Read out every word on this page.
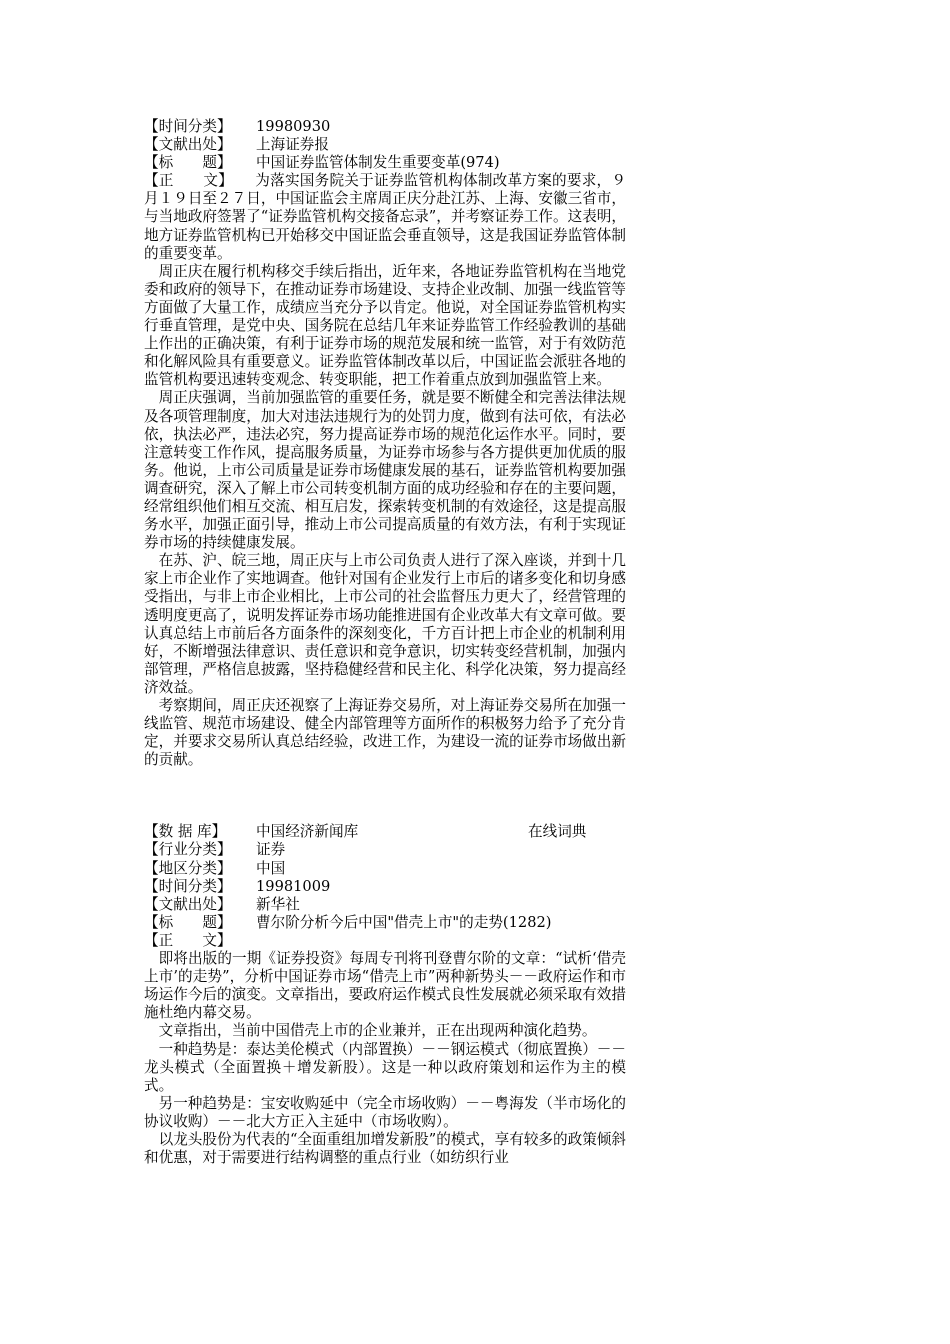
【时间分类】 19980930
【文献出处】 上海证券报
【标　　题】 中国证券监管体制发生重要变革(974)

【正　　文】 为落实国务院关于证券监管机构体制改革方案的要求，９月１９日至２７日，中国证监会主席周正庆分赴江苏、上海、安徽三省市，与当地政府签署了“证券监管机构交接备忘录”，并考察证券工作。这表明，地方证券监管机构已开始移交中国证监会垂直领导，这是我国证券监管体制的重要变革。

周正庆在履行机构移交手续后指出，近年来，各地证券监管机构在当地党委和政府的领导下，在推动证券市场建设、支持企业改制、加强一线监管等方面做了大量工作，成绩应当充分予以肯定。他说，对全国证券监管机构实行垂直管理，是党中央、国务院在总结几年来证券监管工作经验教训的基础上作出的正确决策，有利于证券市场的规范发展和统一监管，对于有效防范和化解风险具有重要意义。证券监管体制改革以后，中国证监会派驻各地的监管机构要迅速转变观念、转变职能，把工作着重点放到加强监管上来。

周正庆强调，当前加强监管的重要任务，就是要不断健全和完善法律法规及各项管理制度，加大对违法违规行为的处罚力度，做到有法可依，有法必依，执法必严，违法必究，努力提高证券市场的规范化运作水平。同时，要注意转变工作作风，提高服务质量，为证券市场参与各方提供更加优质的服务。他说，上市公司质量是证券市场健康发展的基石，证券监管机构要加强调查研究，深入了解上市公司转变机制方面的成功经验和存在的主要问题，经常组织他们相互交流、相互启发，探索转变机制的有效途径，这是提高服务水平，加强正面引导，推动上市公司提高质量的有效方法，有利于实现证券市场的持续健康发展。

在苏、沪、皖三地，周正庆与上市公司负责人进行了深入座谈，并到十几家上市企业作了实地调查。他针对国有企业发行上市后的诸多变化和切身感受指出，与非上市企业相比，上市公司的社会监督压力更大了，经营管理的透明度更高了，说明发挥证券市场功能推进国有企业改革大有文章可做。要认真总结上市前后各方面条件的深刻变化，千方百计把上市企业的机制利用好，不断增强法律意识、责任意识和竞争意识，切实转变经营机制，加强内部管理，严格信息披露，坚持稳健经营和民主化、科学化决策，努力提高经济效益。

考察期间，周正庆还视察了上海证券交易所，对上海证券交易所在加强一线监管、规范市场建设、健全内部管理等方面所作的积极努力给予了充分肯定，并要求交易所认真总结经验，改进工作，为建设一流的证券市场做出新的贡献。

【数 据 库】 中国经济新闻库	在线词典
【行业分类】 证券
【地区分类】 中国
【时间分类】 19981009
【文献出处】 新华社
【标　　题】 曹尔阶分析今后中国"借壳上市"的走势(1282)
【正　　文】

即将出版的一期《证券投资》每周专刊将刊登曹尔阶的文章：“试析‘借壳上市’的走势”，分析中国证券市场“借壳上市”两种新势头－－政府运作和市场运作今后的演变。文章指出，要政府运作模式良性发展就必须采取有效措施杜绝内幕交易。

文章指出，当前中国借壳上市的企业兼并，正在出现两种演化趋势。

一种趋势是：泰达美伦模式（内部置换）－－钢运模式（彻底置换）－－龙头模式（全面置换＋增发新股）。这是一种以政府策划和运作为主的模式。

另一种趋势是：宝安收购延中（完全市场收购）－－粤海发（半市场化的协议收购）－－北大方正入主延中（市场收购）。

以龙头股份为代表的“全面重组加增发新股”的模式，享有较多的政策倾斜和优惠，对于需要进行结构调整的重点行业（如纺织行业
